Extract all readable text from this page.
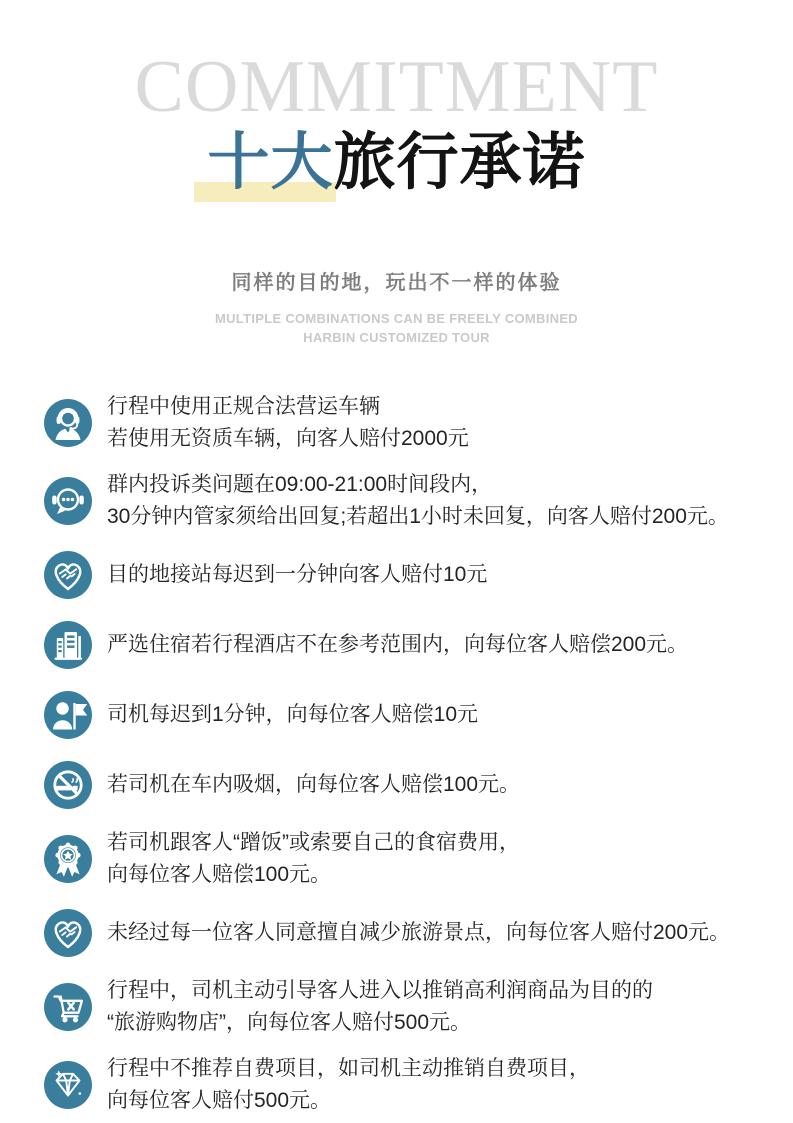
COMMITMENT
十大旅行承诺
同样的目的地，玩出不一样的体验
MULTIPLE COMBINATIONS CAN BE FREELY COMBINED
HARBIN CUSTOMIZED TOUR
行程中使用正规合法营运车辆
若使用无资质车辆，向客人赔付2000元
群内投诉类问题在09:00-21:00时间段内，
30分钟内管家须给出回复;若超出1小时未回复，向客人赔付200元。
目的地接站每迟到一分钟向客人赔付10元
严选住宿若行程酒店不在参考范围内，向每位客人赔偿200元。
司机每迟到1分钟，向每位客人赔偿10元
若司机在车内吸烟，向每位客人赔偿100元。
若司机跟客人“蹭饭”或索要自己的食宿费用，
向每位客人赔偿100元。
未经过每一位客人同意擅自减少旅游景点，向每位客人赔付200元。
行程中，司机主动引导客人进入以推销高利润商品为目的的
“旅游购物店”，向每位客人赔付500元。
行程中不推荐自费项目，如司机主动推销自费项目，
向每位客人赔付500元。
